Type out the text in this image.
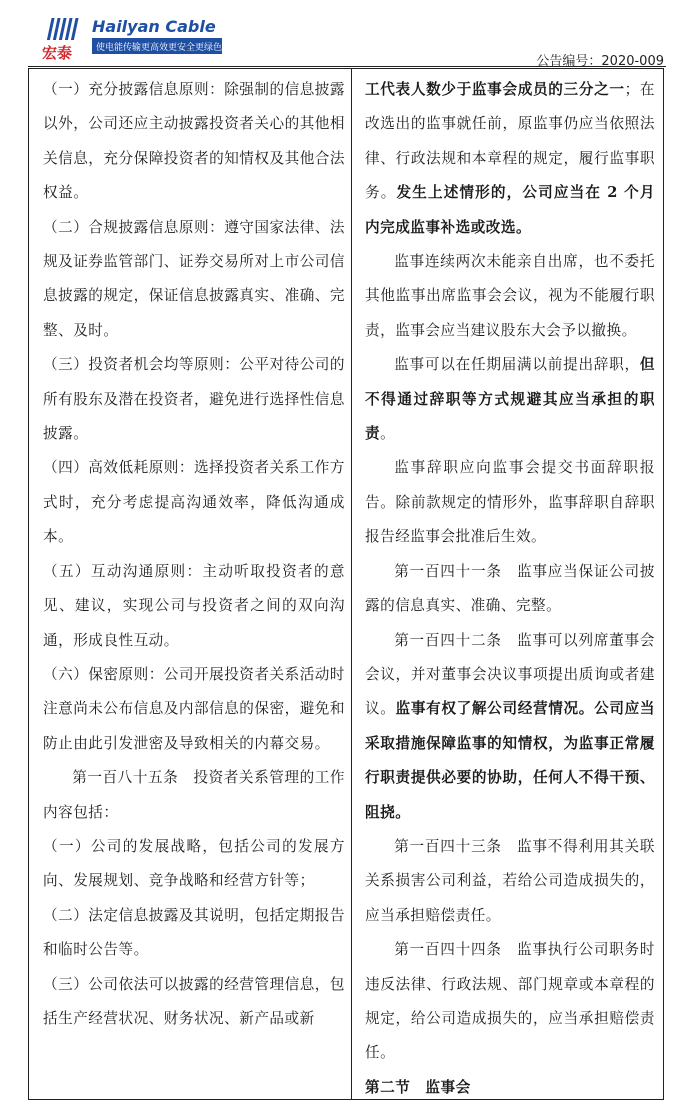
宏泰
Hailyan Cable
使电能传输更高效更安全更绿色
公告编号：2020-009

（一）充分披露信息原则：除强制的信息披露以外，公司还应主动披露投资者关心的其他相关信息，充分保障投资者的知情权及其他合法权益。

（二）合规披露信息原则：遵守国家法律、法规及证券监管部门、证券交易所对上市公司信息披露的规定，保证信息披露真实、准确、完整、及时。

（三）投资者机会均等原则：公平对待公司的所有股东及潜在投资者，避免进行选择性信息披露。

（四）高效低耗原则：选择投资者关系工作方式时，充分考虑提高沟通效率，降低沟通成本。

（五）互动沟通原则：主动听取投资者的意见、建议，实现公司与投资者之间的双向沟通，形成良性互动。

（六）保密原则：公司开展投资者关系活动时注意尚未公布信息及内部信息的保密，避免和防止由此引发泄密及导致相关的内幕交易。

第一百八十五条　投资者关系管理的工作内容包括：

（一）公司的发展战略，包括公司的发展方向、发展规划、竞争战略和经营方针等；

（二）法定信息披露及其说明，包括定期报告和临时公告等。

（三）公司依法可以披露的经营管理信息，包括生产经营状况、财务状况、新产品或新

工代表人数少于监事会成员的三分之一；在改选出的监事就任前，原监事仍应当依照法律、行政法规和本章程的规定，履行监事职务。发生上述情形的，公司应当在 2 个月内完成监事补选或改选。

监事连续两次未能亲自出席，也不委托其他监事出席监事会会议，视为不能履行职责，监事会应当建议股东大会予以撤换。

监事可以在任期届满以前提出辞职，但不得通过辞职等方式规避其应当承担的职责。

监事辞职应向监事会提交书面辞职报告。除前款规定的情形外，监事辞职自辞职报告经监事会批准后生效。

第一百四十一条　监事应当保证公司披露的信息真实、准确、完整。

第一百四十二条　监事可以列席董事会会议，并对董事会决议事项提出质询或者建议。监事有权了解公司经营情况。公司应当采取措施保障监事的知情权，为监事正常履行职责提供必要的协助，任何人不得干预、阻挠。

第一百四十三条　监事不得利用其关联关系损害公司利益，若给公司造成损失的，应当承担赔偿责任。

第一百四十四条　监事执行公司职务时违反法律、行政法规、部门规章或本章程的规定，给公司造成损失的，应当承担赔偿责任。

第二节　监事会
